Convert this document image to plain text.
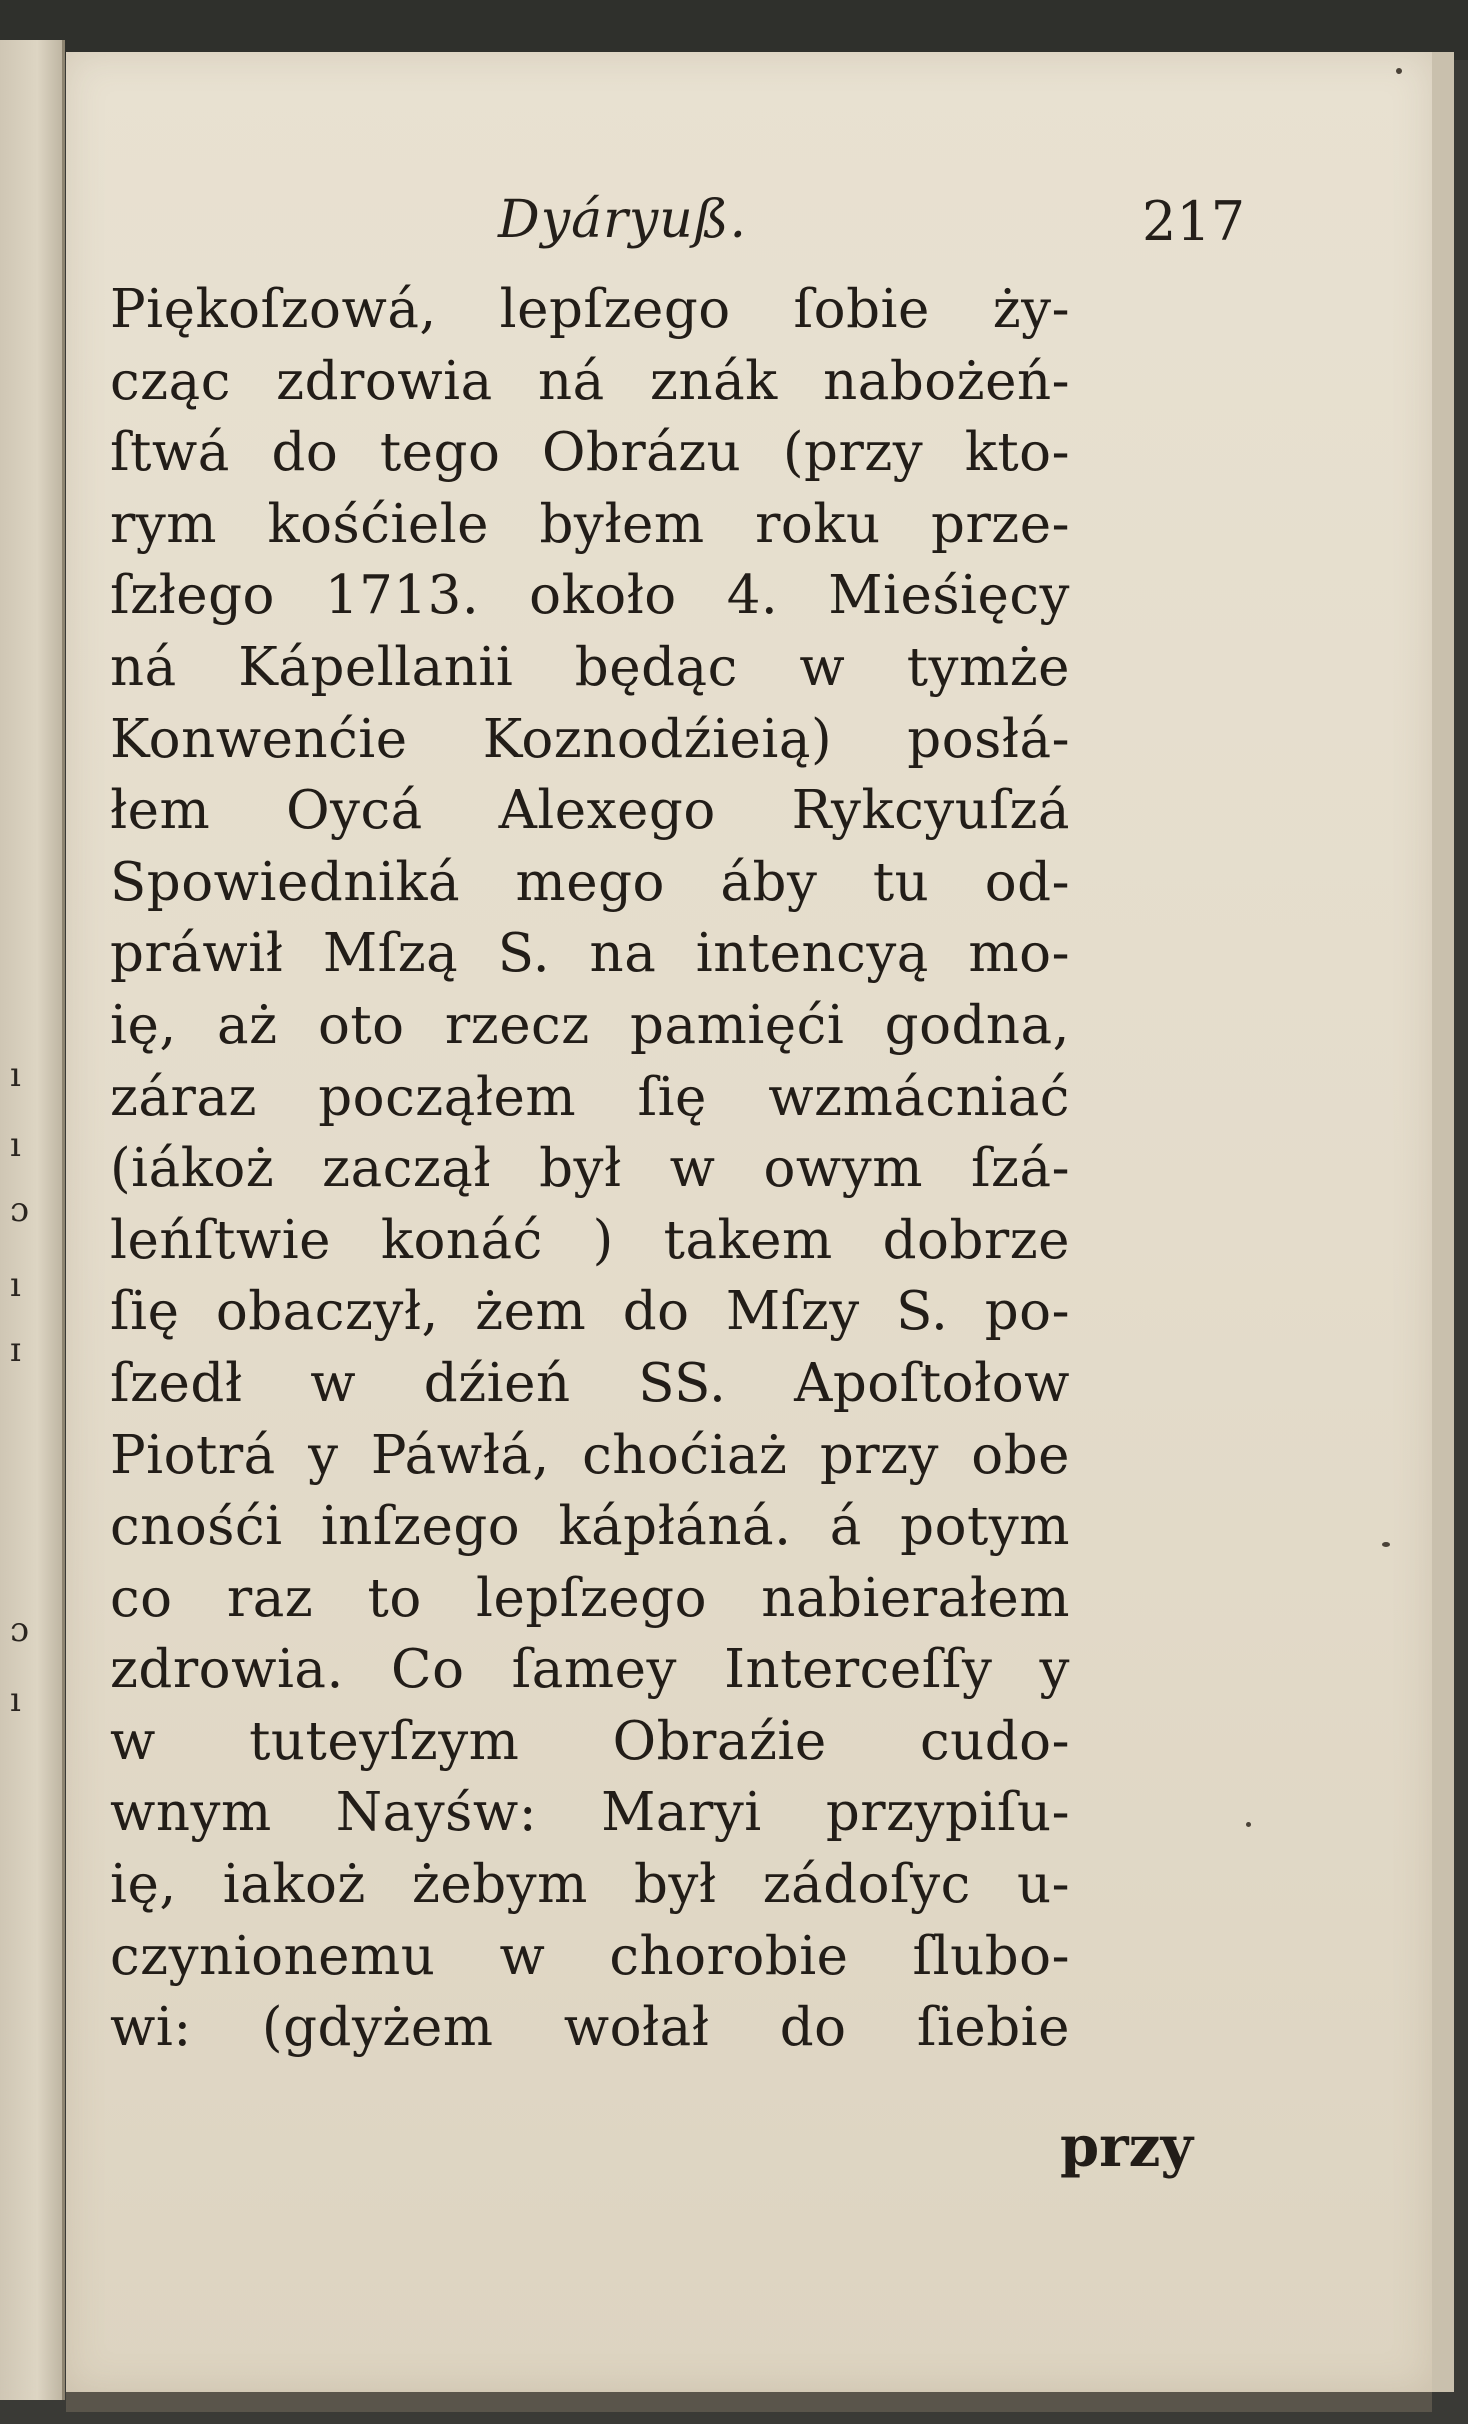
ı
ı
ɔ
ı
ɪ
ɔ
ı
Dyáryuß.	217
Piękoſzowá, lepſzego ſobie ży-
cząc zdrowia ná znák nabożeń-
ſtwá do tego Obrázu (przy kto-
rym kośćiele byłem roku prze-
ſzłego 1713. około 4. Mieśięcy
ná Kápellanii będąc w tymże
Konwenćie Koznodźieią) posłá-
łem Oycá Alexego Rykcyuſzá
Spowiedniká mego áby tu od-
práwił Mſzą S. na intencyą mo-
ię, aż oto rzecz pamięći godna,
záraz począłem ſię wzmácniać
(iákoż zaczął był w owym ſzá-
leńſtwie konáć ) takem dobrze
ſię obaczył, żem do Mſzy S. po-
ſzedł w dźień SS. Apoſtołow
Piotrá y Páwłá, choćiaż przy obe
cnośći inſzego kápłáná. á potym
co raz to lepſzego nabierałem
zdrowia. Co ſamey Interceſſy y
w tuteyſzym Obraźie cudo-
wnym Nayśw: Maryi przypiſu-
ię, iakoż żebym był zádoſyc u-
czynionemu w chorobie ſlubo-
wi: (gdyżem wołał do ſiebie
przy
